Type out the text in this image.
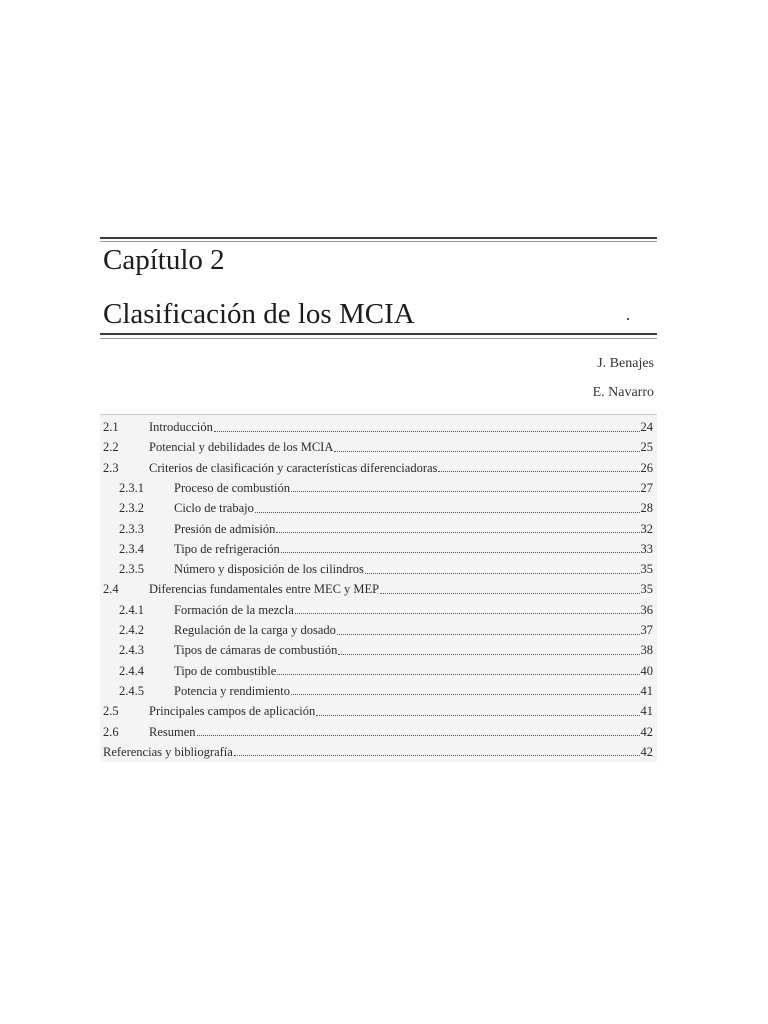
Capítulo 2
Clasificación de los MCIA
J. Benajes
E. Navarro
2.1	Introducción	24
2.2	Potencial y debilidades de los MCIA	25
2.3	Criterios de clasificación y características diferenciadoras	26
2.3.1	Proceso de combustión	27
2.3.2	Ciclo de trabajo	28
2.3.3	Presión de admisión	32
2.3.4	Tipo de refrigeración	33
2.3.5	Número y disposición de los cilindros	35
2.4	Diferencias fundamentales entre MEC y MEP	35
2.4.1	Formación de la mezcla	36
2.4.2	Regulación de la carga y dosado	37
2.4.3	Tipos de cámaras de combustión	38
2.4.4	Tipo de combustible	40
2.4.5	Potencia y rendimiento	41
2.5	Principales campos de aplicación	41
2.6	Resumen	42
Referencias y bibliografía	42
